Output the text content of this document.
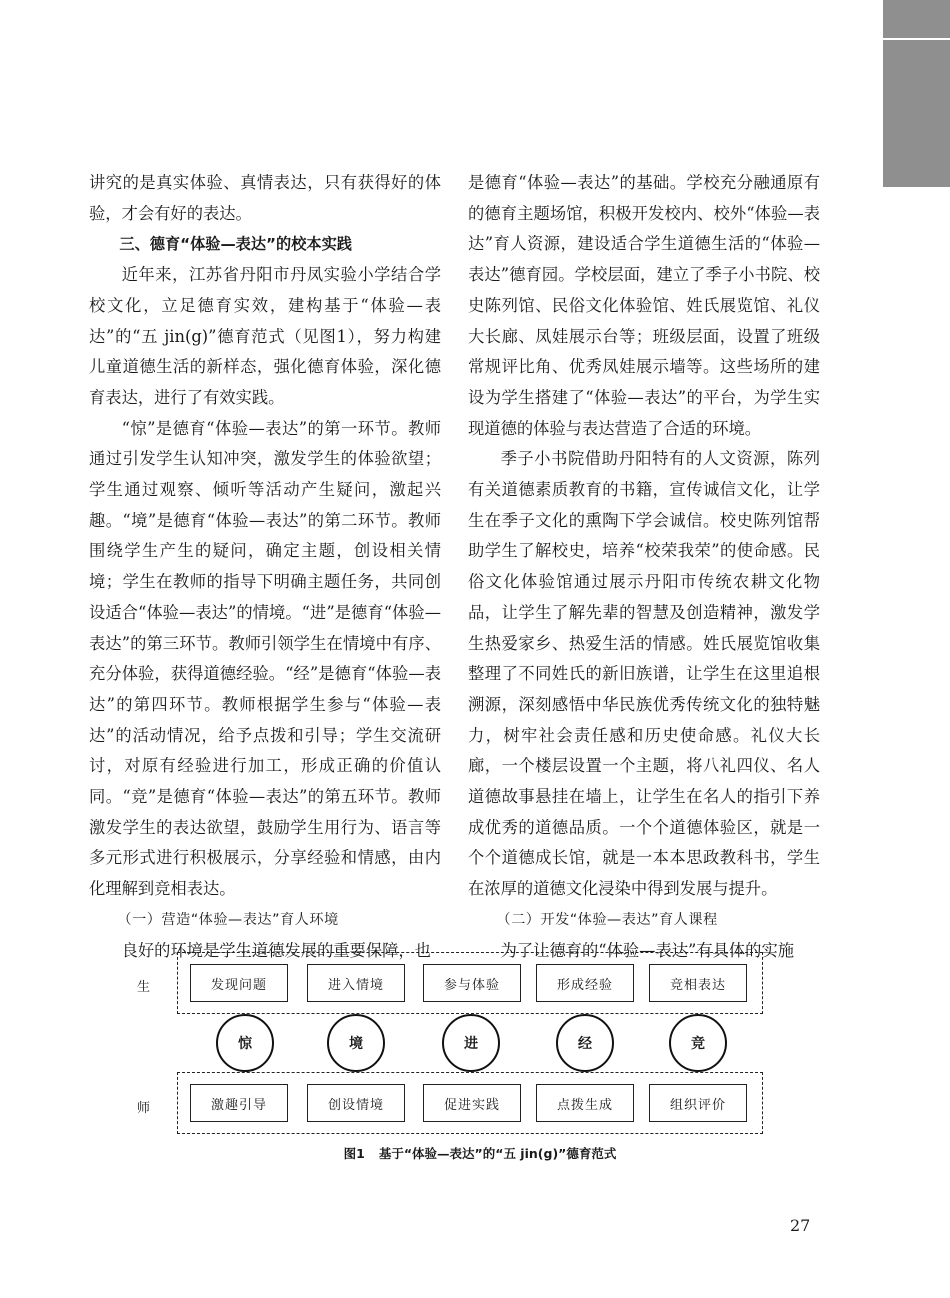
讲究的是真实体验、真情表达，只有获得好的体验，才会有好的表达。

三、德育“体验—表达”的校本实践

近年来，江苏省丹阳市丹凤实验小学结合学校文化，立足德育实效，建构基于“体验—表达”的“五 jin(g)”德育范式（见图1），努力构建儿童道德生活的新样态，强化德育体验，深化德育表达，进行了有效实践。

“惊”是德育“体验—表达”的第一环节。教师通过引发学生认知冲突，激发学生的体验欲望；学生通过观察、倾听等活动产生疑问，激起兴趣。“境”是德育“体验—表达”的第二环节。教师围绕学生产生的疑问，确定主题，创设相关情境；学生在教师的指导下明确主题任务，共同创设适合“体验—表达”的情境。“进”是德育“体验—表达”的第三环节。教师引领学生在情境中有序、充分体验，获得道德经验。“经”是德育“体验—表达”的第四环节。教师根据学生参与“体验—表达”的活动情况，给予点拨和引导；学生交流研讨，对原有经验进行加工，形成正确的价值认同。“竞”是德育“体验—表达”的第五环节。教师激发学生的表达欲望，鼓励学生用行为、语言等多元形式进行积极展示，分享经验和情感，由内化理解到竞相表达。

（一）营造“体验—表达”育人环境

良好的环境是学生道德发展的重要保障，也

是德育“体验—表达”的基础。学校充分融通原有的德育主题场馆，积极开发校内、校外“体验—表达”育人资源，建设适合学生道德生活的“体验—表达”德育园。学校层面，建立了季子小书院、校史陈列馆、民俗文化体验馆、姓氏展览馆、礼仪大长廊、凤娃展示台等；班级层面，设置了班级常规评比角、优秀凤娃展示墙等。这些场所的建设为学生搭建了“体验—表达”的平台，为学生实现道德的体验与表达营造了合适的环境。

季子小书院借助丹阳特有的人文资源，陈列有关道德素质教育的书籍，宣传诚信文化，让学生在季子文化的熏陶下学会诚信。校史陈列馆帮助学生了解校史，培养“校荣我荣”的使命感。民俗文化体验馆通过展示丹阳市传统农耕文化物品，让学生了解先辈的智慧及创造精神，激发学生热爱家乡、热爱生活的情感。姓氏展览馆收集整理了不同姓氏的新旧族谱，让学生在这里追根溯源，深刻感悟中华民族优秀传统文化的独特魅力，树牢社会责任感和历史使命感。礼仪大长廊，一个楼层设置一个主题，将八礼四仪、名人道德故事悬挂在墙上，让学生在名人的指引下养成优秀的道德品质。一个个道德体验区，就是一个个道德成长馆，就是一本本思政教科书，学生在浓厚的道德文化浸染中得到发展与提升。

（二）开发“体验—表达”育人课程

为了让德育的“体验—表达”有具体的实施

生	发现问题	进入情境	参与体验	形成经验	竞相表达
惊	境	进	经	竞
师	激趣引导	创设情境	促进实践	点拨生成	组织评价
图1 基于“体验—表达”的“五 jin(g)”德育范式
27
